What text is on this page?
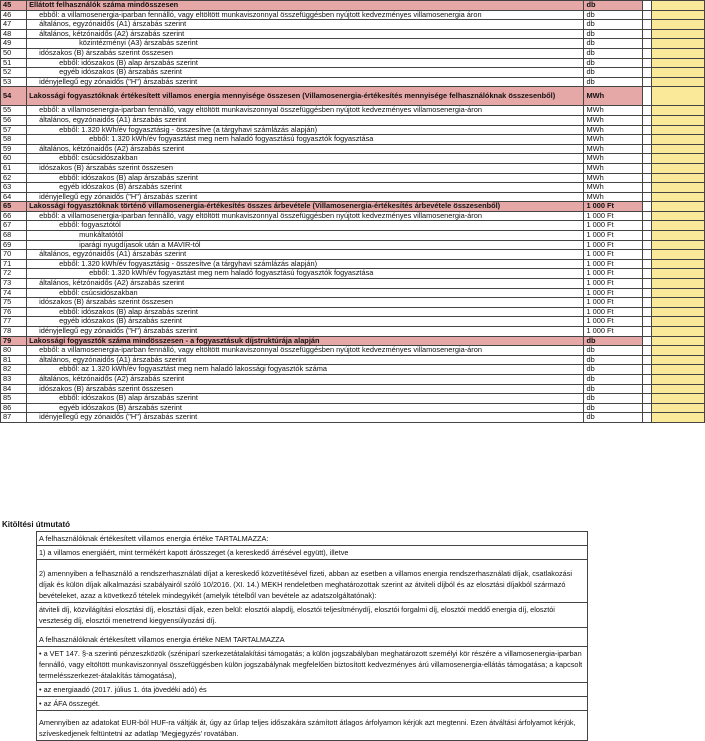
45	Ellátott felhasználók száma mindösszesen	db		
46	ebből: a villamosenergia-iparban fennálló, vagy eltöltött munkaviszonnyal összefüggésben nyújtott kedvezményes villamosenergia áron	db		
47	általános, egyzónaidős (A1) árszabás szerint	db		
48	általános, kétzónaidős (A2) árszabás szerint	db		
49	közintézményi (A3) árszabás szerint	db		
50	idószakos (B) árszabás szerint összesen	db		
51	ebből: idószakos (B) alap árszabás szerint	db		
52	egyéb idószakos (B) árszabás szerint	db		
53	idényjellegű egy zónaidős ("H") árszabás szerint	db		
54	Lakossági fogyasztóknak értékesített villamos energia mennyisége összesen (Villamosenergia-értékesítés mennyisége felhasználóknak összesenből)	MWh		
55	ebből: a villamosenergia-iparban fennálló, vagy eltöltött munkaviszonnyal összefüggésben nyújtott kedvezményes villamosenergia-áron	MWh		
56	általános, egyzónaidős (A1) árszabás szerint	MWh		
57	ebből: 1.320 kWh/év fogyasztásig - összesítve (a tárgyhavi számlázás alapján)	MWh		
58	ebből: 1.320 kWh/év fogyasztást meg nem haladó fogyasztású fogyasztók fogyasztása	MWh		
59	általános, kétzónaidős (A2) árszabás szerint	MWh		
60	ebből: csúcsidószakban	MWh		
61	idószakos (B) árszabás szerint összesen	MWh		
62	ebből: idószakos (B) alap árszabás szerint	MWh		
63	egyéb idószakos (B) árszabás szerint	MWh		
64	idényjellegű egy zónaidős ("H") árszabás szerint	MWh		
65	Lakossági fogyasztóknak történő villamosenergia-értékesítés összes árbevétele (Villamosenergia-értékesítés árbevétele összesenből)	1 000 Ft		
66	ebből: a villamosenergia-iparban fennálló, vagy eltöltött munkaviszonnyal összefüggésben nyújtott kedvezményes villamosenergia-áron	1 000 Ft		
67	ebből: fogyasztótól	1 000 Ft		
68	munkáltatótól	1 000 Ft		
69	iparági nyugdíjasok után a MAVIR-tól	1 000 Ft		
70	általános, egyzónaidős (A1) árszabás szerint	1 000 Ft		
71	ebből: 1.320 kWh/év fogyasztásig - összesítve (a tárgyhavi számlázás alapján)	1 000 Ft		
72	ebből: 1.320 kWh/év fogyasztást meg nem haladó fogyasztású fogyasztók fogyasztása	1 000 Ft		
73	általános, kétzónaidős (A2) árszabás szerint	1 000 Ft		
74	ebből: csúcsidószakban	1 000 Ft		
75	idószakos (B) árszabás szerint összesen	1 000 Ft		
76	ebből: idószakos (B) alap árszabás szerint	1 000 Ft		
77	egyéb idószakos (B) árszabás szerint	1 000 Ft		
78	idényjellegű egy zónaidős ("H") árszabás szerint	1 000 Ft		
79	Lakossági fogyasztók száma mindösszesen - a fogyasztásuk díjstruktúrája alapján	db		
80	ebből: a villamosenergia-iparban fennálló, vagy eltöltött munkaviszonnyal összefüggésben nyújtott kedvezményes villamosenergia-áron	db		
81	általános, egyzónaidős (A1) árszabás szerint	db		
82	ebből: az 1.320 kWh/év fogyasztást meg nem haladó lakossági fogyasztók száma	db		
83	általános, kétzónaidős (A2) árszabás szerint	db		
84	idószakos (B) árszabás szerint összesen	db		
85	ebből: idószakos (B) alap árszabás szerint	db		
86	egyéb idószakos (B) árszabás szerint	db		
87	idényjellegű egy zónaidős ("H") árszabás szerint	db		
Kitöltési útmutató
A felhasználóknak értékesített villamos energia értéke TARTALMAZZA:
1) a villamos energiáért, mint termékért kapott árösszeget (a kereskedő árrésével együtt), illetve
2) amennyiben a felhasználó a rendszerhasználati díjat a kereskedő közvetítésével fizeti, abban az esetben a villamos energia rendszerhasználati díjak, csatlakozási díjak és külön díjak alkalmazási szabályairól szóló 10/2016. (XI. 14.) MEKH rendeletben meghatározottak szerint az átviteli díjból és az elosztási díjakból származó bevételeket, azaz a következő tételek mindegyikét (amelyik tételből van bevétele az adatszolgáltatónak):
átviteli díj, közvilágítási elosztási díj, elosztási díjak, ezen belül: elosztói alapdíj, elosztói teljesítménydíj, elosztói forgalmi díj, elosztói meddő energia díj, elosztói veszteség díj, elosztói menetrend kiegyensúlyozási díj.
A felhasználóknak értékesített villamos energia értéke NEM TARTALMAZZA
• a VET 147. §-a szerinti pénzeszközök (széniparí szerkezetátalakítási támogatás; a külön jogszabályban meghatározott személyi kör részére a villamosenergia-iparban fennálló, vagy eltöltött munkaviszonnyal összefüggésben külön jogszabálynak megfelelően biztosított kedvezményes árú villamosenergia-ellátás támogatása; a kapcsolt termelésszerkezet-átalakítás támogatása),
• az energiaadó (2017. július 1. óta jövedéki adó) és
• az ÁFA összegét.
Amennyiben az adatokat EUR-ból HUF-ra váltják át, úgy az űrlap teljes időszakára számított átlagos árfolyamon kérjük azt megtenni. Ezen átváltási árfolyamot kérjük, szíveskedjenek feltüntetni az adatlap 'Megjegyzés' rovatában.
